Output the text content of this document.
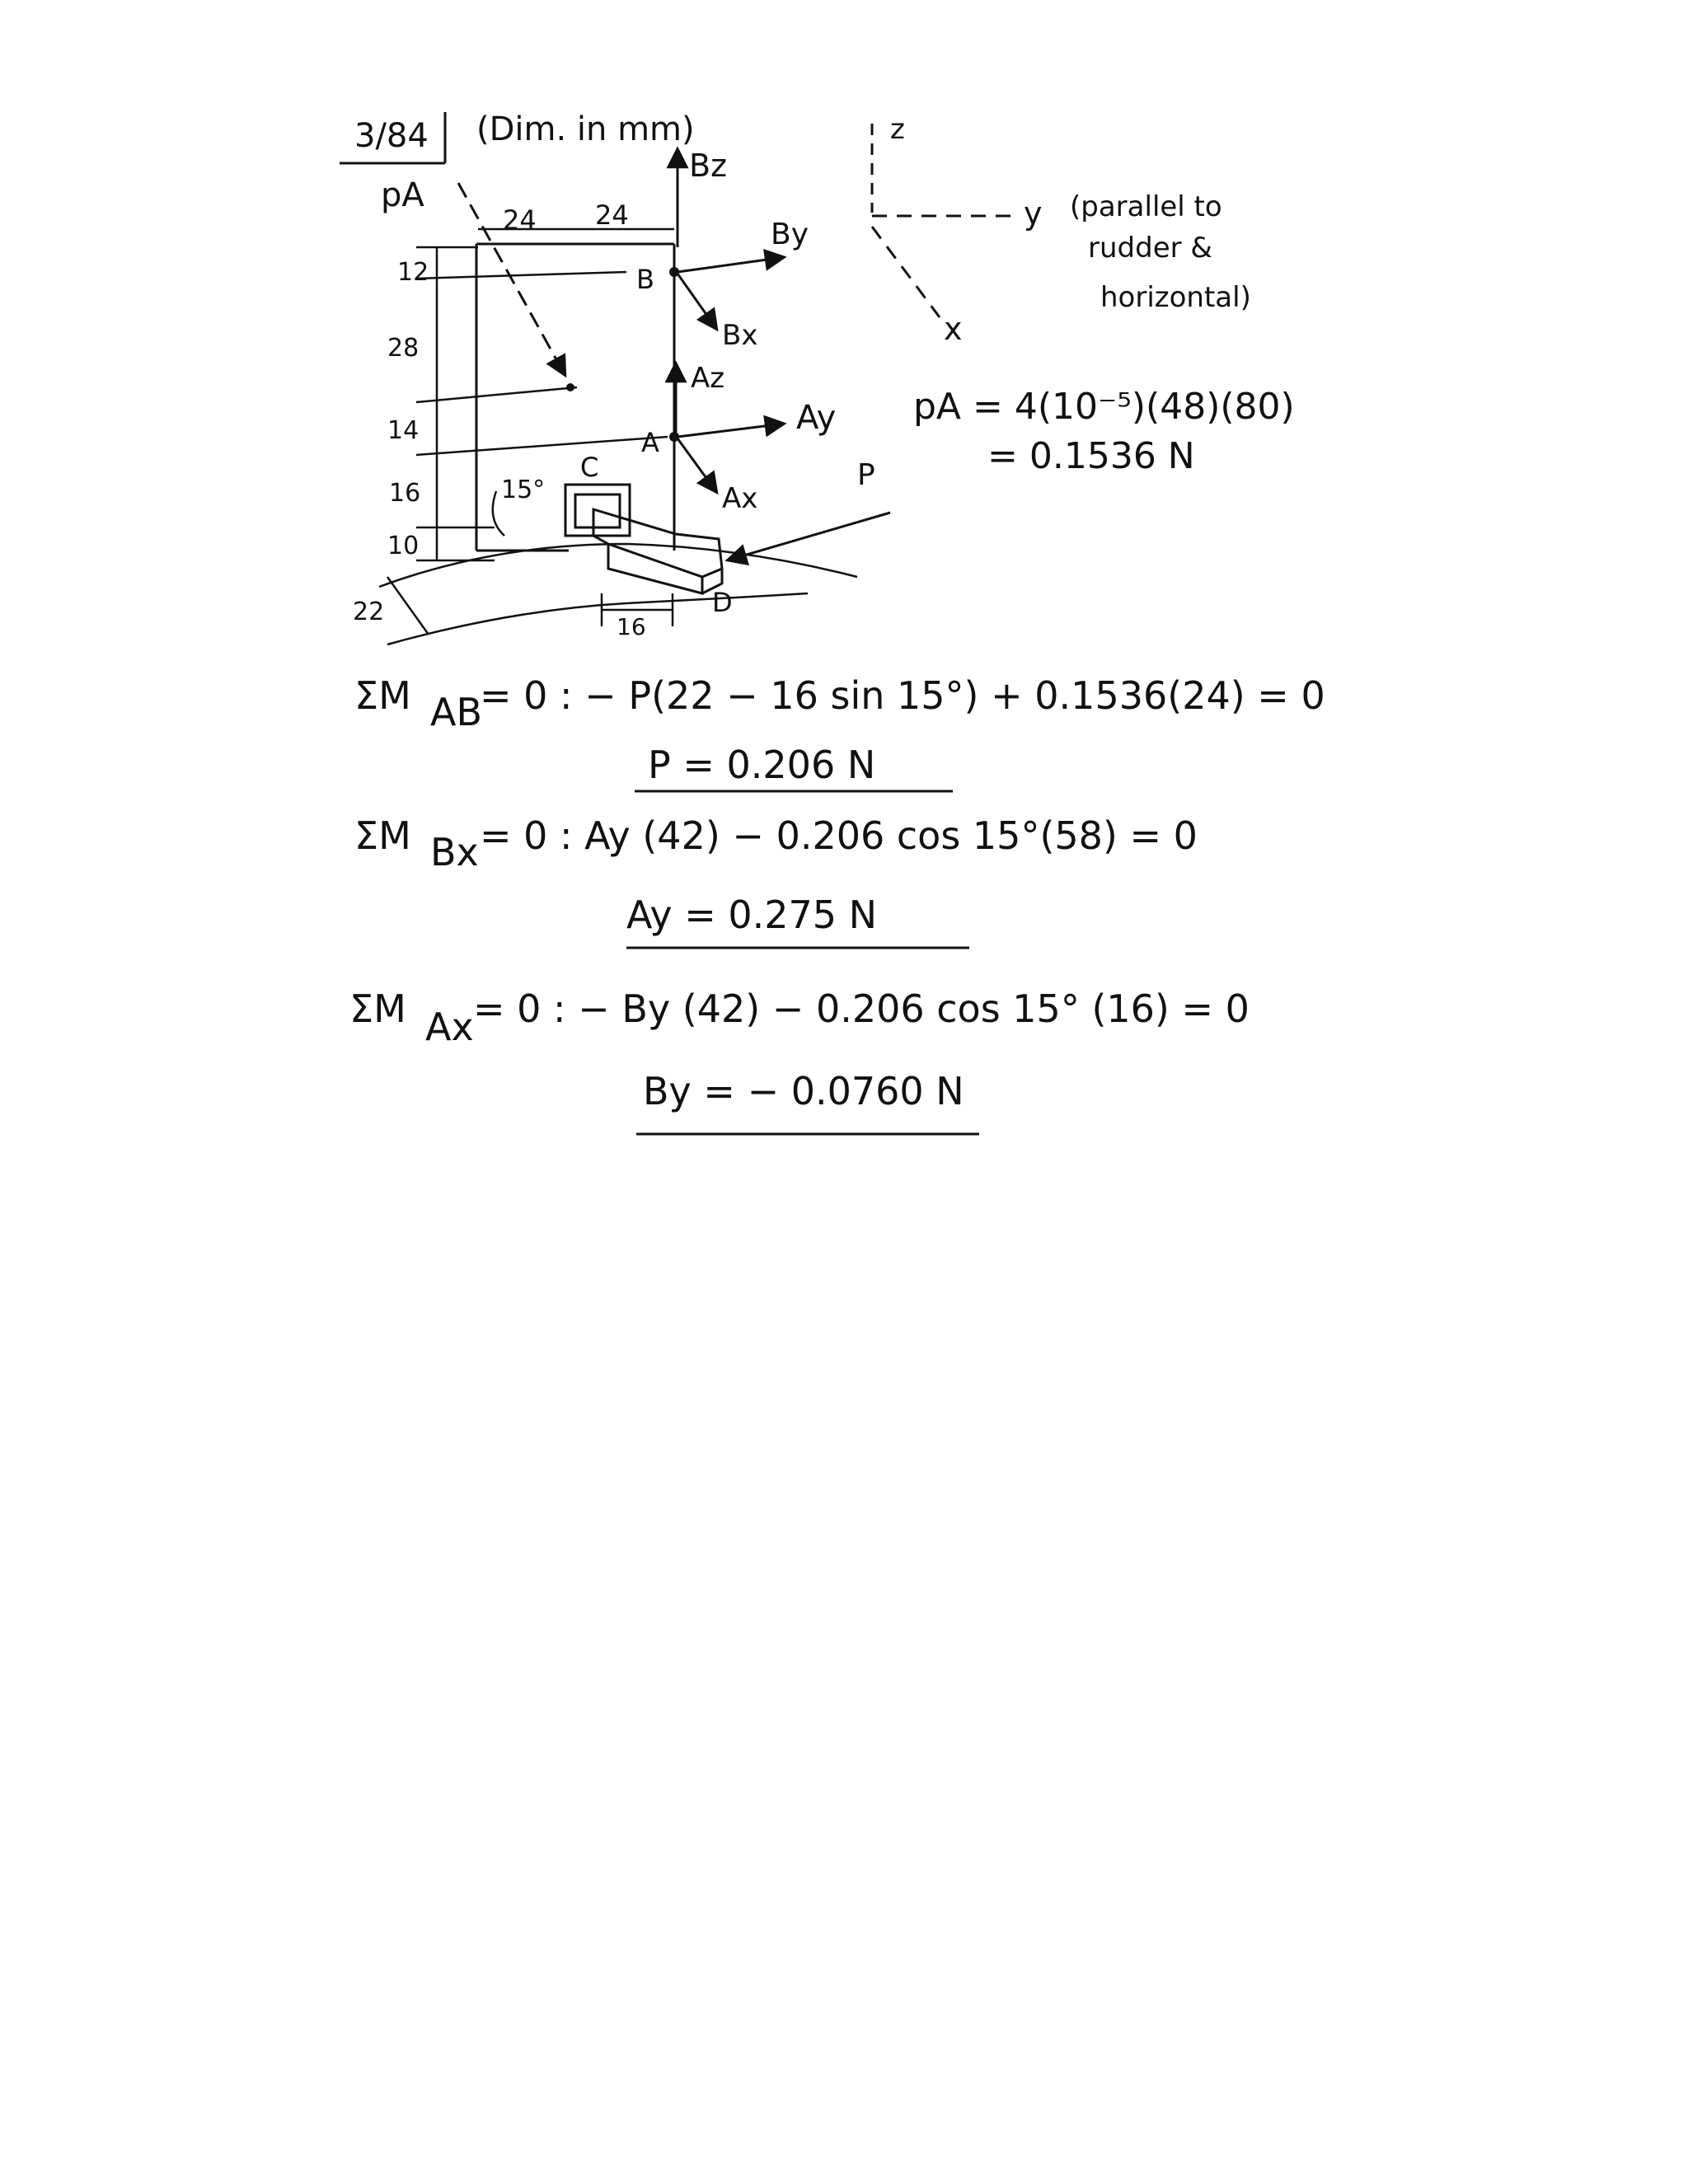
3/84 (Dim. in mm)	z
y
x
(parallel to
rudder &
horizontal)
24 24
12
28
14
16
10
22
16
15°
pA
Bz
B
By
Bx
Az
A
Ay
Ax
C
D
P
pA = 4(10⁻⁵)(48)(80)
= 0.1536 N
ΣM AB
= 0 : − P(22 − 16 sin 15°) + 0.1536(24) = 0
P = 0.206 N
ΣM Bx = 0 : Ay (42) − 0.206 cos 15°(58) = 0
Ay = 0.275 N
ΣM Ax = 0 : − By (42) − 0.206 cos 15° (16) = 0
By = − 0.0760 N
